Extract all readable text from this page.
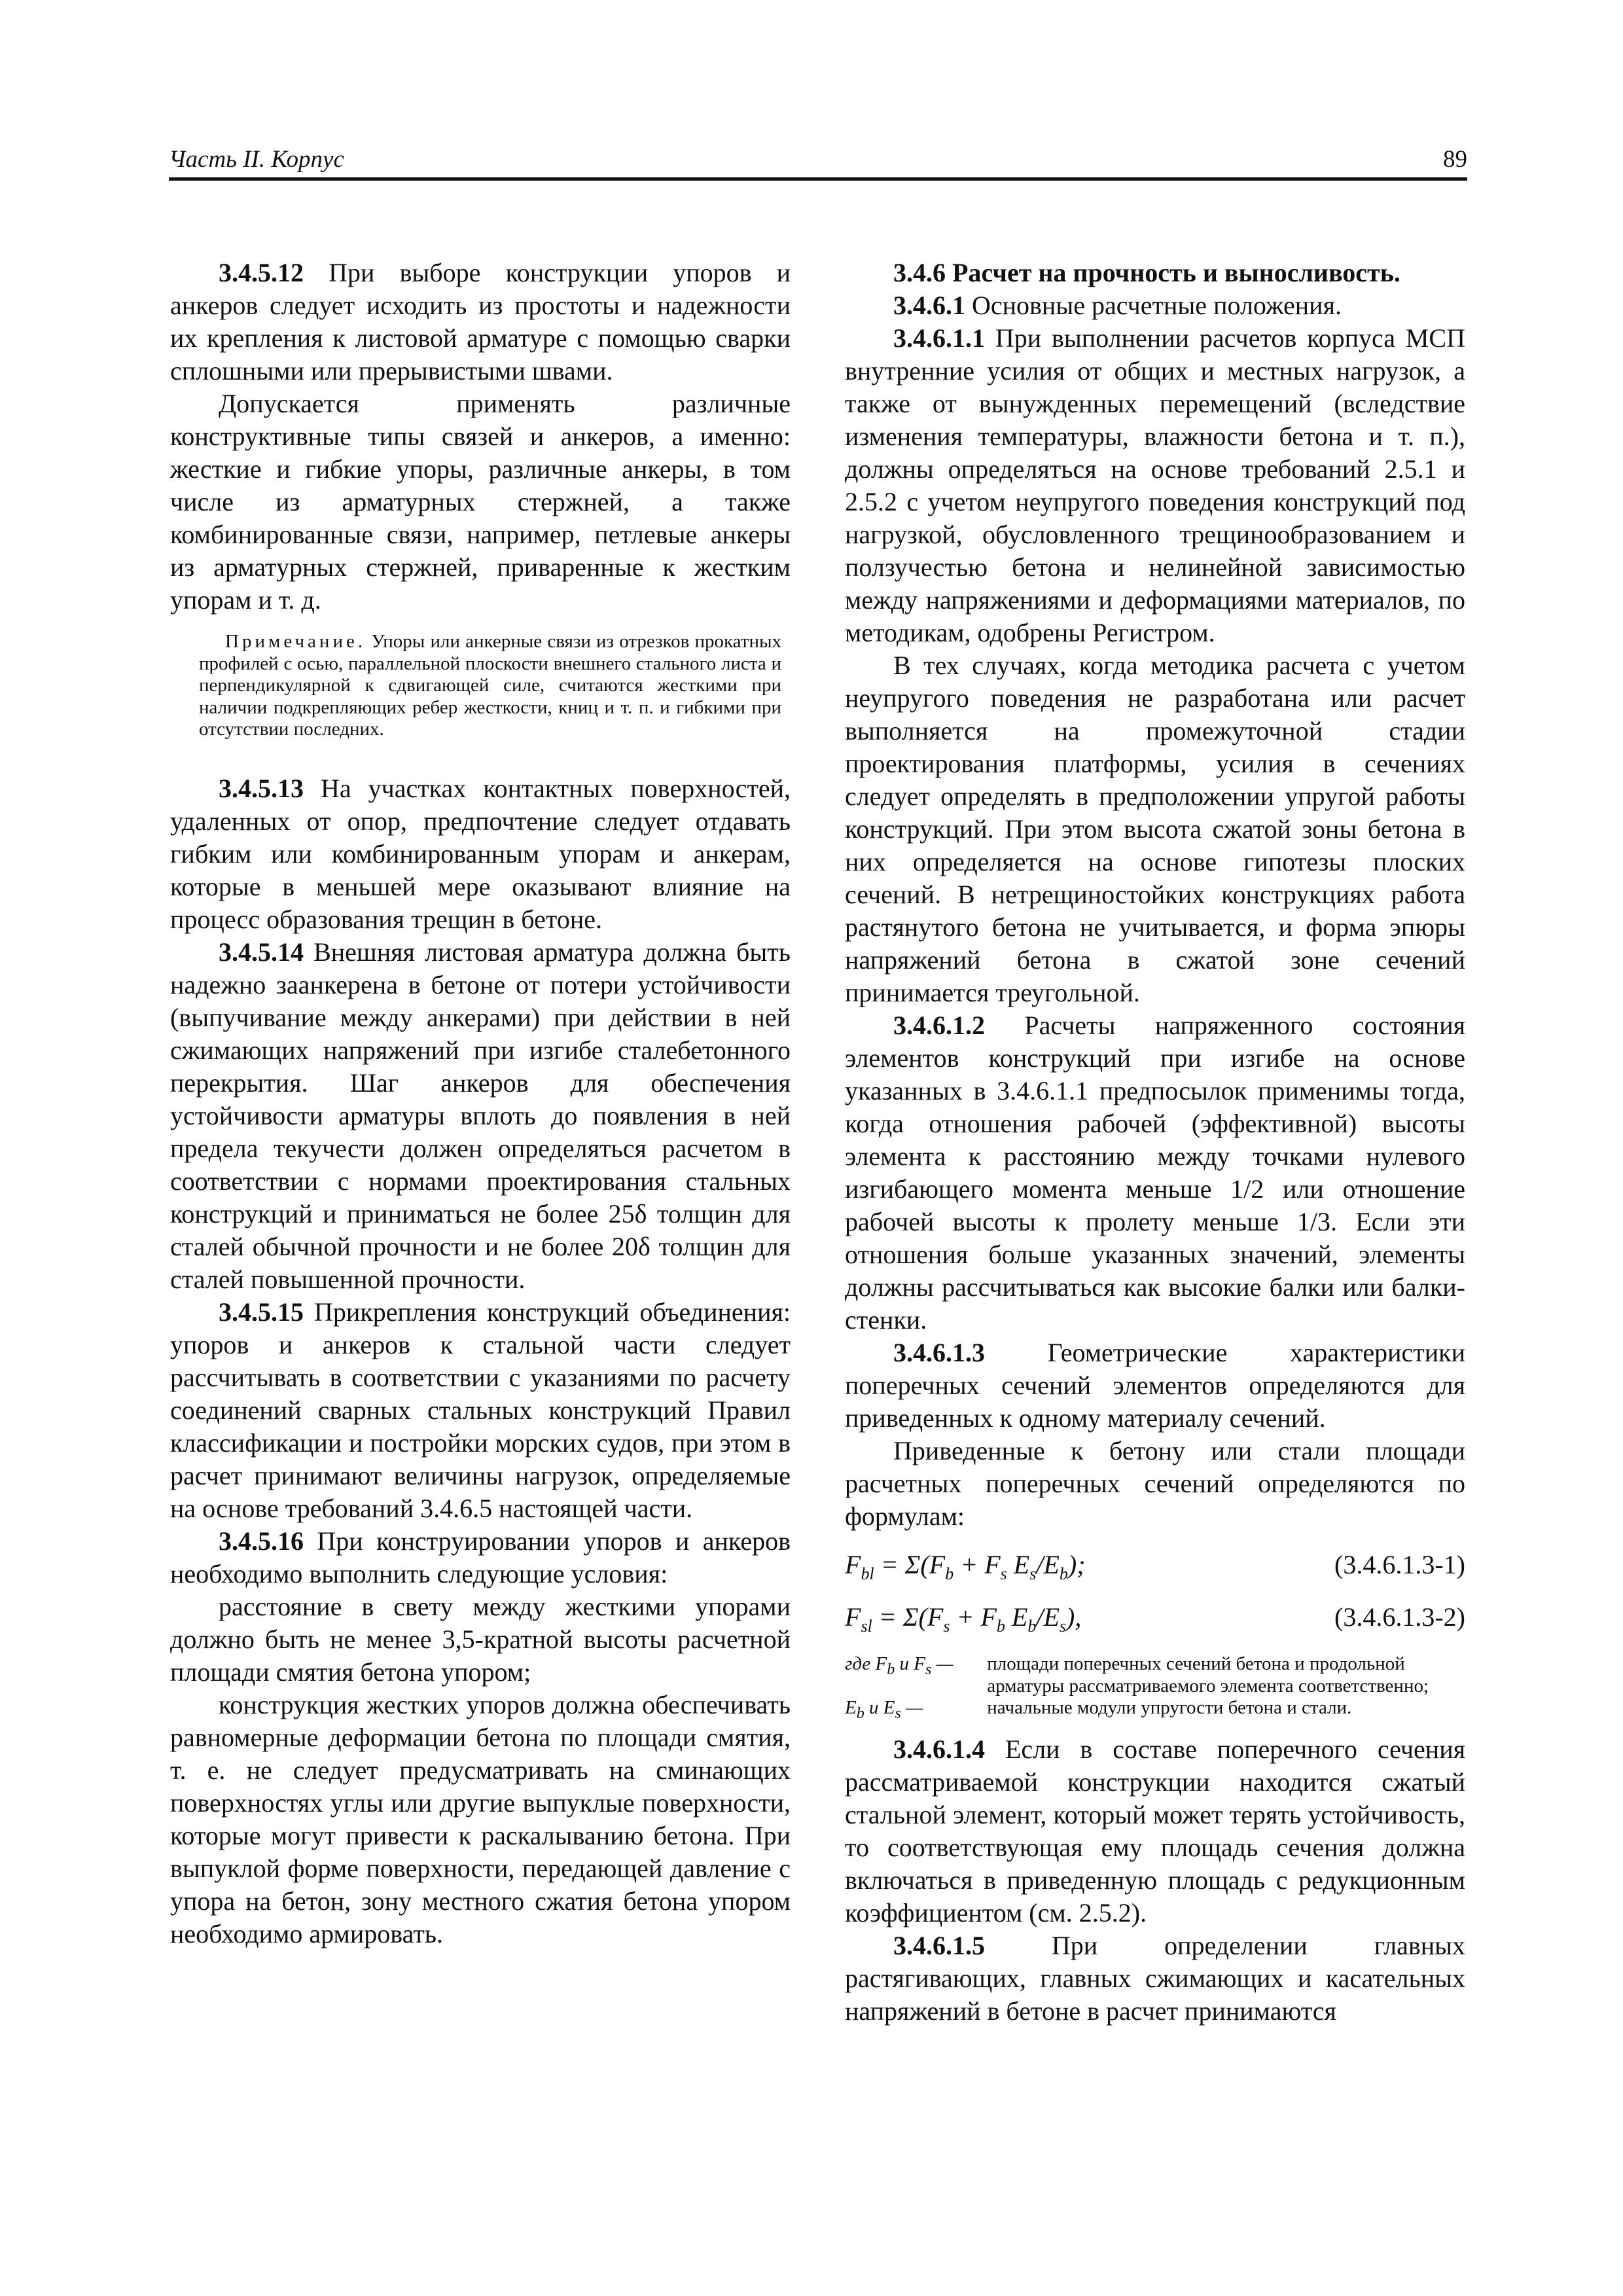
Часть II. Корпус	89

3.4.5.12 При выборе конструкции упоров и анкеров следует исходить из простоты и надежности их крепления к листовой арматуре с помощью сварки сплошными или прерывистыми швами.

Допускается применять различные конструктивные типы связей и анкеров, а именно: жесткие и гибкие упоры, различные анкеры, в том числе из арматурных стержней, а также комбинированные связи, например, петлевые анкеры из арматурных стержней, приваренные к жестким упорам и т. д.

Примечание. Упоры или анкерные связи из отрезков прокатных профилей с осью, параллельной плоскости внешнего стального листа и перпендикулярной к сдвигающей силе, считаются жесткими при наличии подкрепляющих ребер жесткости, книц и т. п. и гибкими при отсутствии последних.

3.4.5.13 На участках контактных поверхностей, удаленных от опор, предпочтение следует отдавать гибким или комбинированным упорам и анкерам, которые в меньшей мере оказывают влияние на процесс образования трещин в бетоне.

3.4.5.14 Внешняя листовая арматура должна быть надежно заанкерена в бетоне от потери устойчивости (выпучивание между анкерами) при действии в ней сжимающих напряжений при изгибе сталебетонного перекрытия. Шаг анкеров для обеспечения устойчивости арматуры вплоть до появления в ней предела текучести должен определяться расчетом в соответствии с нормами проектирования стальных конструкций и приниматься не более 25δ толщин для сталей обычной прочности и не более 20δ толщин для сталей повышенной прочности.

3.4.5.15 Прикрепления конструкций объединения: упоров и анкеров к стальной части следует рассчитывать в соответствии с указаниями по расчету соединений сварных стальных конструкций Правил классификации и постройки морских судов, при этом в расчет принимают величины нагрузок, определяемые на основе требований 3.4.6.5 настоящей части.

3.4.5.16 При конструировании упоров и анкеров необходимо выполнить следующие условия:

расстояние в свету между жесткими упорами должно быть не менее 3,5-кратной высоты расчетной площади смятия бетона упором;

конструкция жестких упоров должна обеспечивать равномерные деформации бетона по площади смятия, т. е. не следует предусматривать на сминающих поверхностях углы или другие выпуклые поверхности, которые могут привести к раскалыванию бетона. При выпуклой форме поверхности, передающей давление с упора на бетон, зону местного сжатия бетона упором необходимо армировать.

3.4.6 Расчет на прочность и выносливость.

3.4.6.1 Основные расчетные положения.

3.4.6.1.1 При выполнении расчетов корпуса МСП внутренние усилия от общих и местных нагрузок, а также от вынужденных перемещений (вследствие изменения температуры, влажности бетона и т. п.), должны определяться на основе требований 2.5.1 и 2.5.2 с учетом неупругого поведения конструкций под нагрузкой, обусловленного трещинообразованием и ползучестью бетона и нелинейной зависимостью между напряжениями и деформациями материалов, по методикам, одобрены Регистром.

В тех случаях, когда методика расчета с учетом неупругого поведения не разработана или расчет выполняется на промежуточной стадии проектирования платформы, усилия в сечениях следует определять в предположении упругой работы конструкций. При этом высота сжатой зоны бетона в них определяется на основе гипотезы плоских сечений. В нетрещиностойких конструкциях работа растянутого бетона не учитывается, и форма эпюры напряжений бетона в сжатой зоне сечений принимается треугольной.

3.4.6.1.2 Расчеты напряженного состояния элементов конструкций при изгибе на основе указанных в 3.4.6.1.1 предпосылок применимы тогда, когда отношения рабочей (эффективной) высоты элемента к расстоянию между точками нулевого изгибающего момента меньше 1/2 или отношение рабочей высоты к пролету меньше 1/3. Если эти отношения больше указанных значений, элементы должны рассчитываться как высокие балки или балки-стенки.

3.4.6.1.3 Геометрические характеристики поперечных сечений элементов определяются для приведенных к одному материалу сечений.

Приведенные к бетону или стали площади расчетных поперечных сечений определяются по формулам:

$F_{bl} = \Sigma(F_b + F_s$ $E_s/E_b$);	(3.4.6.1.3-1)
$F_{sl} = \Sigma(F_s + F_b$ $E_b/E_s$),	(3.4.6.1.3-2)
где $F_b$ и $F_s$ — площади поперечных сечений бетона и продольной арматуры рассматриваемого элемента соответственно;
$E_b$ и $E_s$ —	начальные модули упругости бетона и стали.

3.4.6.1.4 Если в составе поперечного сечения рассматриваемой конструкции находится сжатый стальной элемент, который может терять устойчивость, то соответствующая ему площадь сечения должна включаться в приведенную площадь с редукционным коэффициентом (см. 2.5.2).

3.4.6.1.5 При определении главных растягивающих, главных сжимающих и касательных напряжений в бетоне в расчет принимаются
